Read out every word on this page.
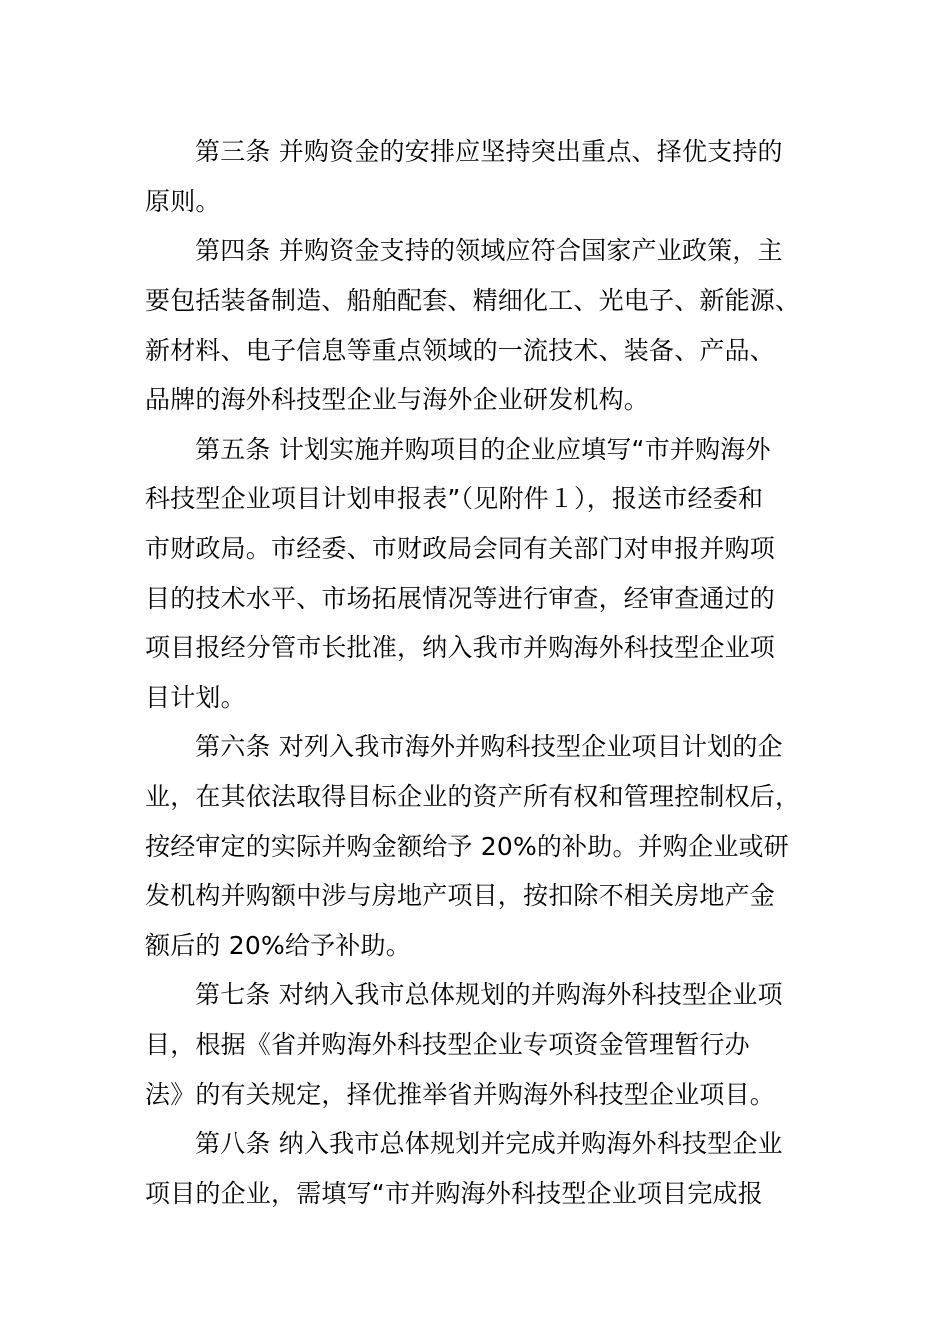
第三条 并购资金的安排应坚持突出重点、择优支持的
原则。
第四条 并购资金支持的领域应符合国家产业政策，主
要包括装备制造、船舶配套、精细化工、光电子、新能源、
新材料、电子信息等重点领域的一流技术、装备、产品、
品牌的海外科技型企业与海外企业研发机构。
第五条 计划实施并购项目的企业应填写“市并购海外
科技型企业项目计划申报表”（见附件１），报送市经委和
市财政局。市经委、市财政局会同有关部门对申报并购项
目的技术水平、市场拓展情况等进行审查，经审查通过的
项目报经分管市长批准，纳入我市并购海外科技型企业项
目计划。
第六条 对列入我市海外并购科技型企业项目计划的企
业，在其依法取得目标企业的资产所有权和管理控制权后，
按经审定的实际并购金额给予 20%的补助。并购企业或研
发机构并购额中涉与房地产项目，按扣除不相关房地产金
额后的 20%给予补助。
第七条 对纳入我市总体规划的并购海外科技型企业项
目，根据《省并购海外科技型企业专项资金管理暂行办
法》的有关规定，择优推举省并购海外科技型企业项目。
第八条 纳入我市总体规划并完成并购海外科技型企业
项目的企业，需填写“市并购海外科技型企业项目完成报
